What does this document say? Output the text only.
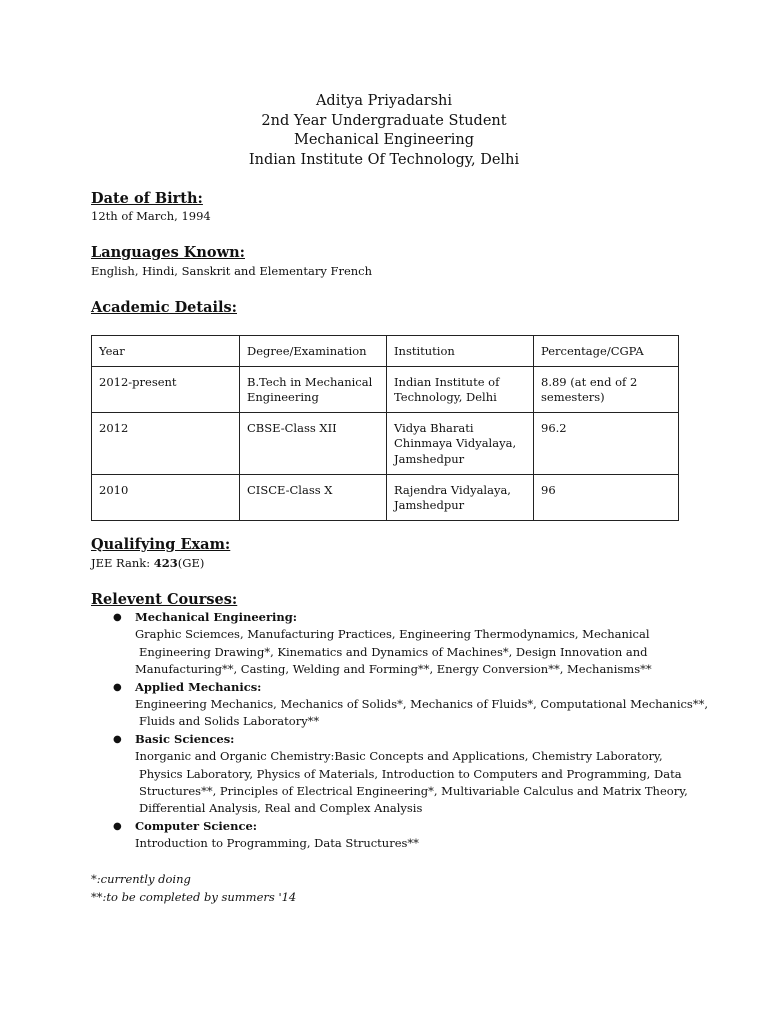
Aditya Priyadarshi
2nd Year Undergraduate Student
Mechanical Engineering
Indian Institute Of Technology, Delhi
Date of Birth:
12th of March, 1994
Languages Known:
English, Hindi, Sanskrit and Elementary French
Academic Details:
Year	Degree/Examination	Institution	Percentage/CGPA
2012-present	B.Tech in Mechanical Engineering	Indian Institute of Technology, Delhi	8.89 (at end of 2 semesters)
2012	CBSE-Class XII	Vidya Bharati Chinmaya Vidyalaya, Jamshedpur	96.2
2010	CISCE-Class X	Rajendra Vidyalaya, Jamshedpur	96
Qualifying Exam:
JEE Rank: 423(GE)
Relevent Courses:
● Mechanical Engineering:
Graphic Sciemces, Manufacturing Practices, Engineering Thermodynamics, Mechanical
Engineering Drawing*, Kinematics and Dynamics of Machines*, Design Innovation and
Manufacturing**, Casting, Welding and Forming**, Energy Conversion**, Mechanisms**
● Applied Mechanics:
Engineering Mechanics, Mechanics of Solids*, Mechanics of Fluids*, Computational Mechanics**,
Fluids and Solids Laboratory**
● Basic Sciences:
Inorganic and Organic Chemistry:Basic Concepts and Applications, Chemistry Laboratory,
Physics Laboratory, Physics of Materials, Introduction to Computers and Programming, Data
Structures**, Principles of Electrical Engineering*, Multivariable Calculus and Matrix Theory,
Differential Analysis, Real and Complex Analysis
● Computer Science:
Introduction to Programming, Data Structures**
*:currently doing
**:to be completed by summers '14
